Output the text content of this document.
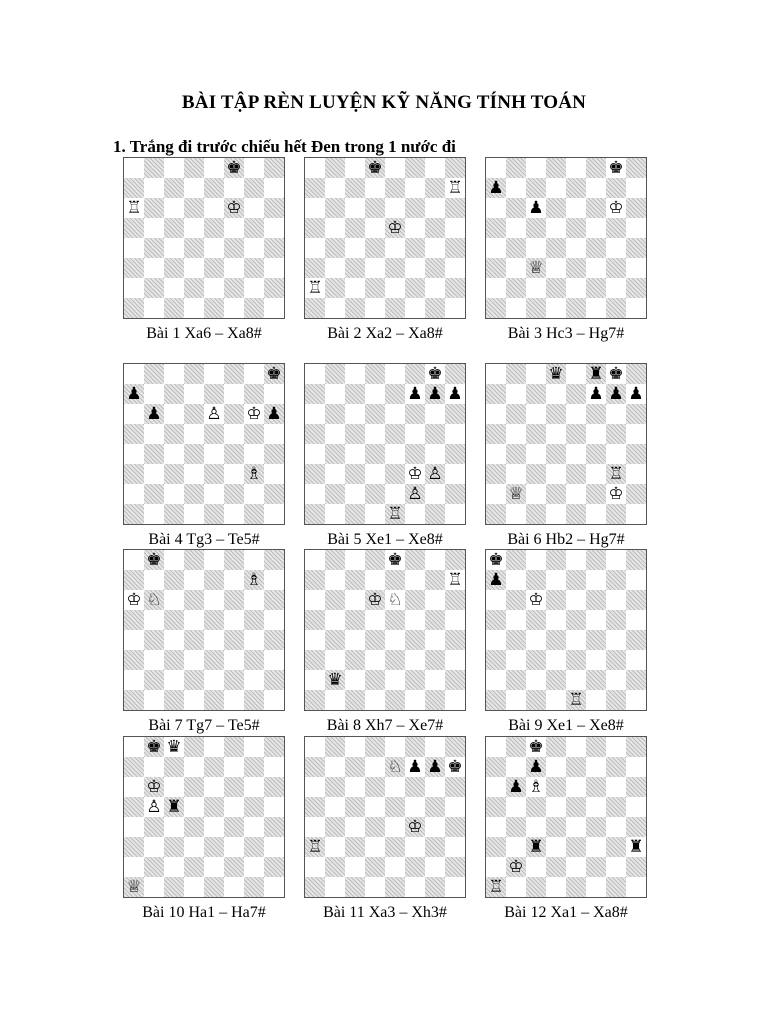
BÀI TẬP RÈN LUYỆN KỸ NĂNG TÍNH TOÁN
1. Trắng đi trước chiếu hết Đen trong 1 nước đi
♚
♖	♔
Bài 1 Xa6 – Xa8#
♚
♖
♔
♖
Bài 2 Xa2 – Xa8#
♚
♟
♟	♔
♕
Bài 3 Hc3 – Hg7#
♚
♟
♟	♙ ♔ ♟
♗
Bài 4 Tg3 – Te5#
♚
♟ ♟ ♟
♔ ♙
♙
♖
Bài 5 Xe1 – Xe8#
♛ ♜ ♚
♟ ♟ ♟
♖
♕	♔
Bài 6 Hb2 – Hg7#
♚
♗
♔ ♘
Bài 7 Tg7 – Te5#
♚
♖
♔ ♘
♛
Bài 8 Xh7 – Xe7#
♚
♟
♔
♖
Bài 9 Xe1 – Xe8#
♚ ♛
♔
♙ ♜
♕
Bài 10 Ha1 – Ha7#
♘ ♟ ♟ ♚
♔
♖
Bài 11 Xa3 – Xh3#
♚
♟
♟ ♗
♜	♜
♔
♖
Bài 12 Xa1 – Xa8#
